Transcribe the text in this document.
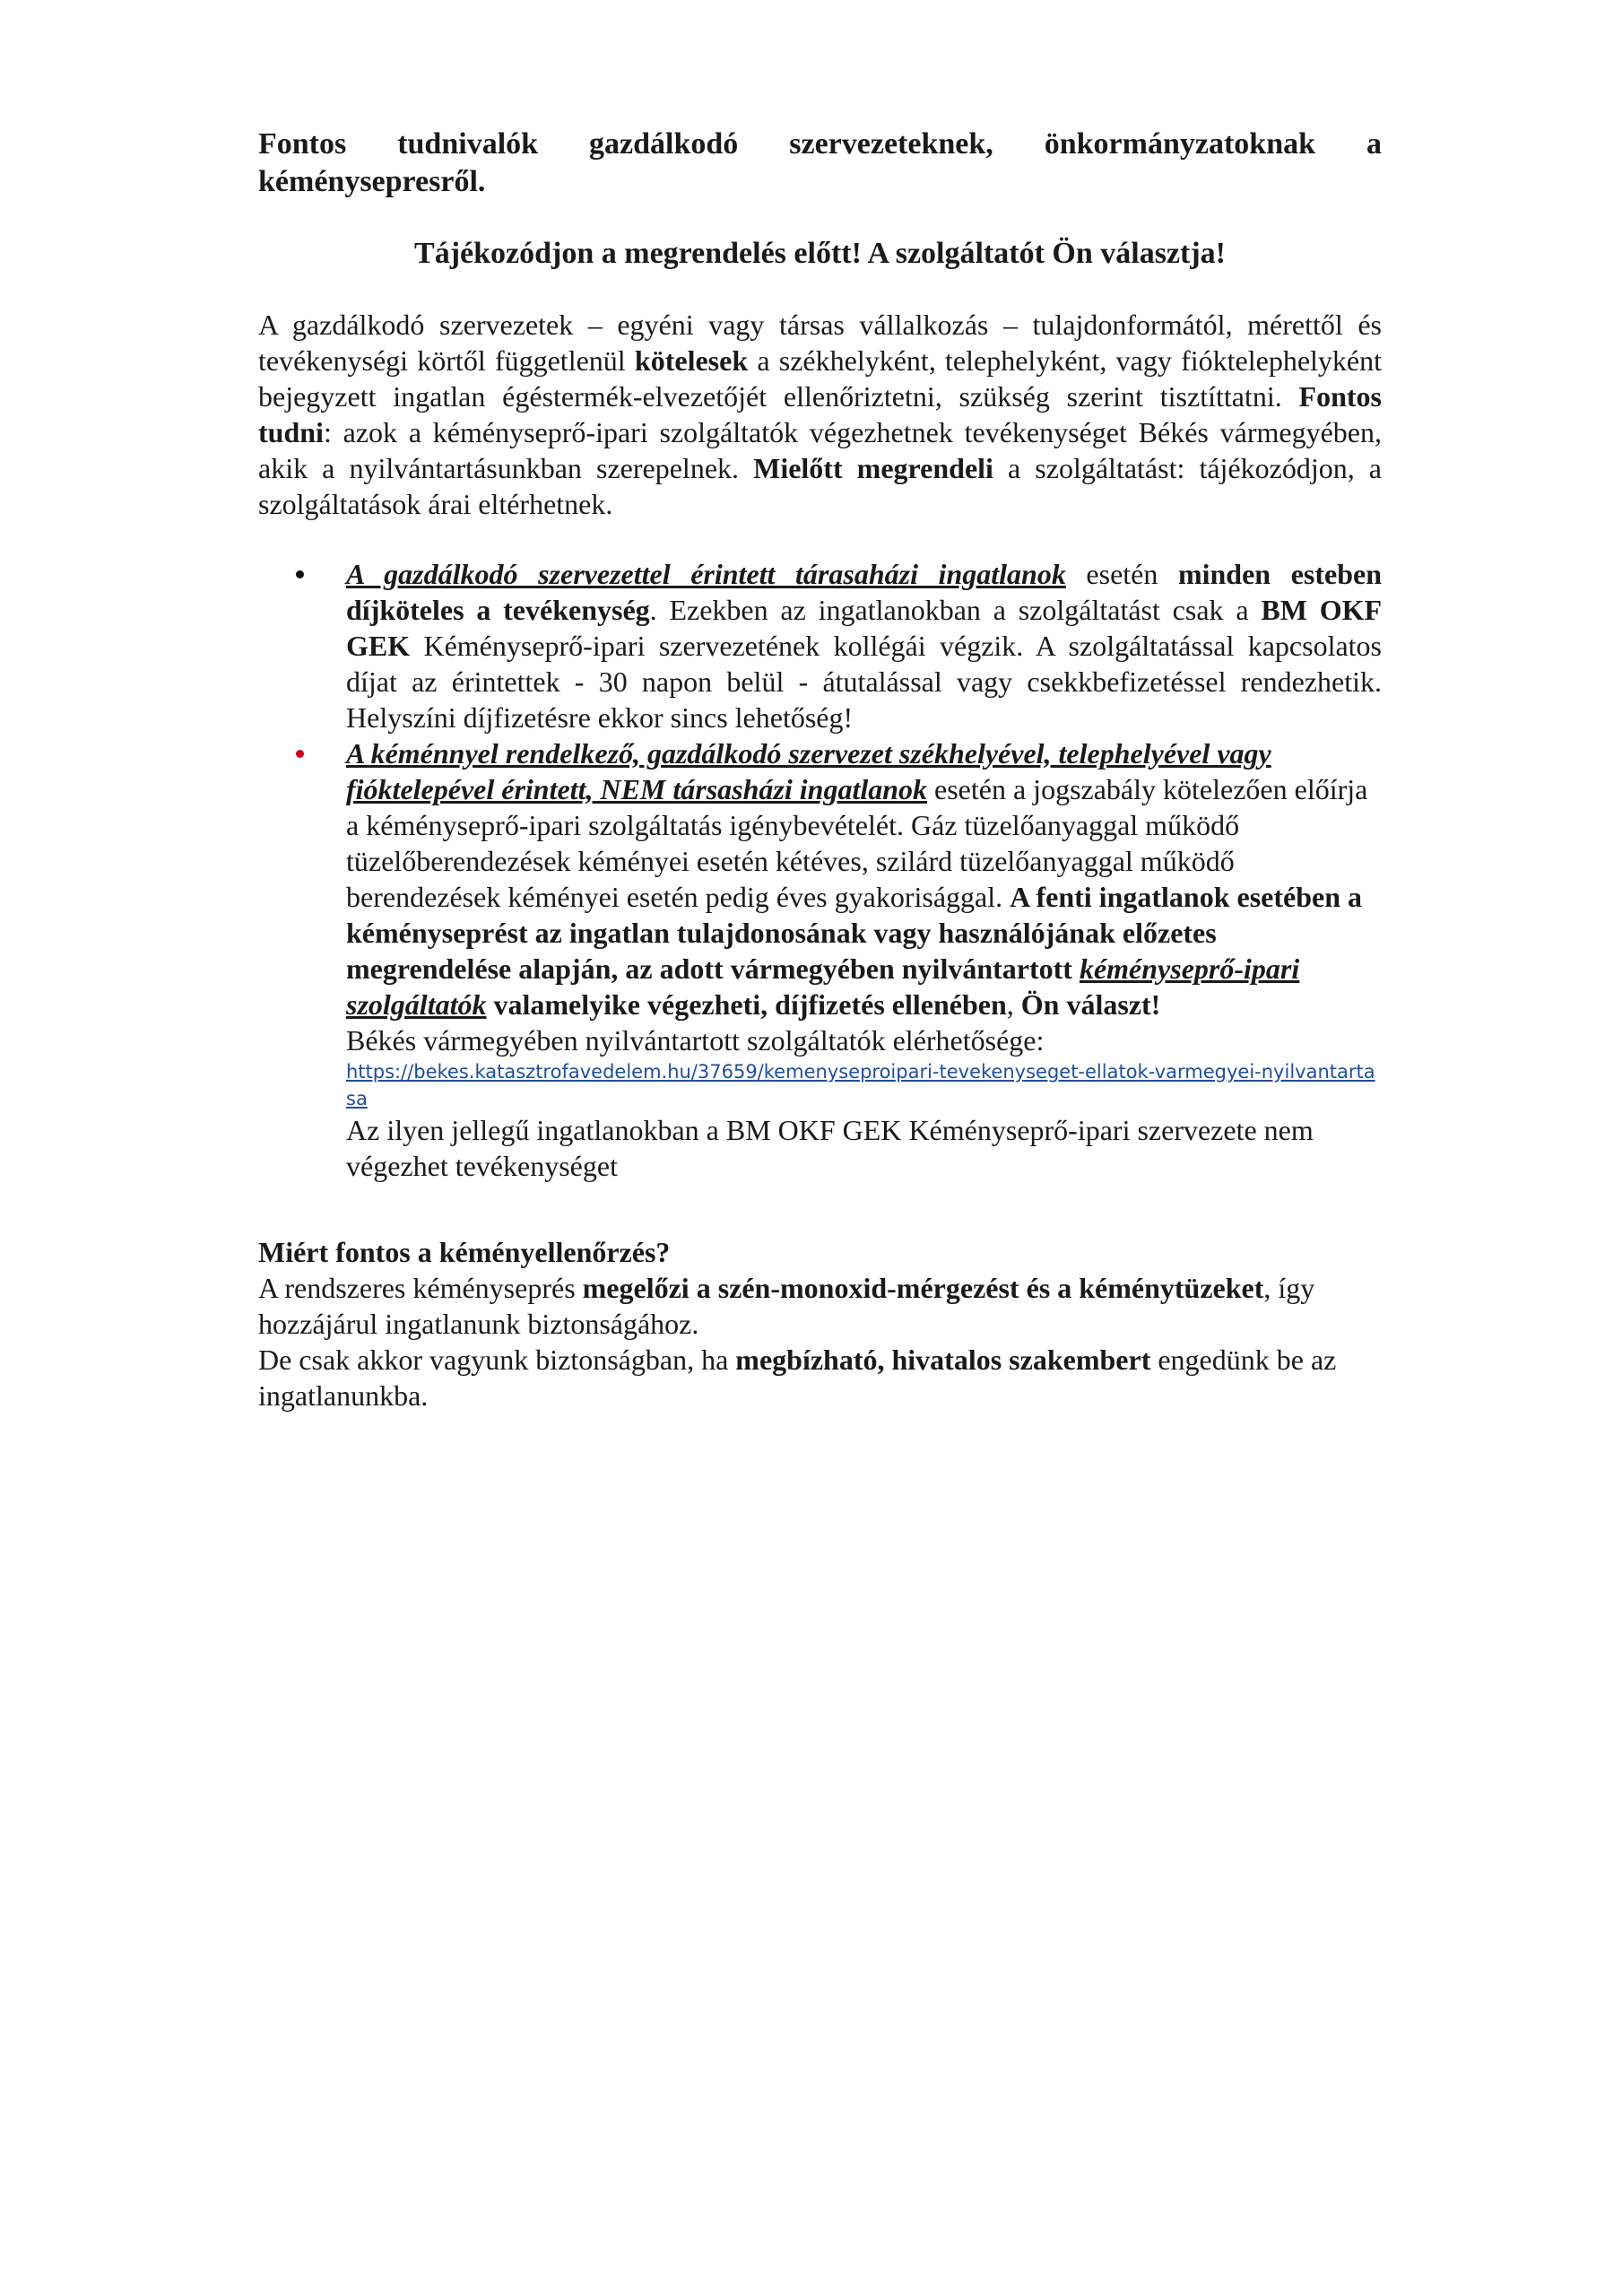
Fontos tudnivalók gazdálkodó szervezeteknek, önkormányzatoknak a kéménysepresről.
Tájékozódjon a megrendelés előtt! A szolgáltatót Ön választja!

A gazdálkodó szervezetek – egyéni vagy társas vállalkozás – tulajdonformától, mérettől és tevékenységi körtől függetlenül kötelesek a székhelyként, telephelyként, vagy fióktelephelyként bejegyzett ingatlan égéstermék-elvezetőjét ellenőriztetni, szükség szerint tisztíttatni. Fontos tudni: azok a kéményseprő-ipari szolgáltatók végezhetnek tevékenységet Békés vármegyében, akik a nyilvántartásunkban szerepelnek. Mielőtt megrendeli a szolgáltatást: tájékozódjon, a szolgáltatások árai eltérhetnek.

A gazdálkodó szervezettel érintett tárasaházi ingatlanok esetén minden esteben díjköteles a tevékenység. Ezekben az ingatlanokban a szolgáltatást csak a BM OKF GEK Kéményseprő-ipari szervezetének kollégái végzik. A szolgáltatással kapcsolatos díjat az érintettek - 30 napon belül - átutalással vagy csekkbefizetéssel rendezhetik. Helyszíni díjfizetésre ekkor sincs lehetőség!
A kéménnyel rendelkező, gazdálkodó szervezet székhelyével, telephelyével vagy fióktelepével érintett, NEM társasházi ingatlanok esetén a jogszabály kötelezően előírja a kéményseprő-ipari szolgáltatás igénybevételét. Gáz tüzelőanyaggal működő tüzelőberendezések kéményei esetén kétéves, szilárd tüzelőanyaggal működő berendezések kéményei esetén pedig éves gyakorisággal. A fenti ingatlanok esetében a kéményseprést az ingatlan tulajdonosának vagy használójának előzetes megrendelése alapján, az adott vármegyében nyilvántartott kéményseprő-ipari szolgáltatók valamelyike végezheti, díjfizetés ellenében, Ön választ!
Békés vármegyében nyilvántartott szolgáltatók elérhetősége:
https://bekes.katasztrofavedelem.hu/37659/kemenyseproipari-tevekenyseget-ellatok-varmegyei-nyilvantartasa
Az ilyen jellegű ingatlanokban a BM OKF GEK Kéményseprő-ipari szervezete nem végezhet tevékenységet

Miért fontos a kéményellenőrzés?

A rendszeres kéményseprés megelőzi a szén-monoxid-mérgezést és a kéménytüzeket, így hozzájárul ingatlanunk biztonságához.

De csak akkor vagyunk biztonságban, ha megbízható, hivatalos szakembert engedünk be az ingatlanunkba.
